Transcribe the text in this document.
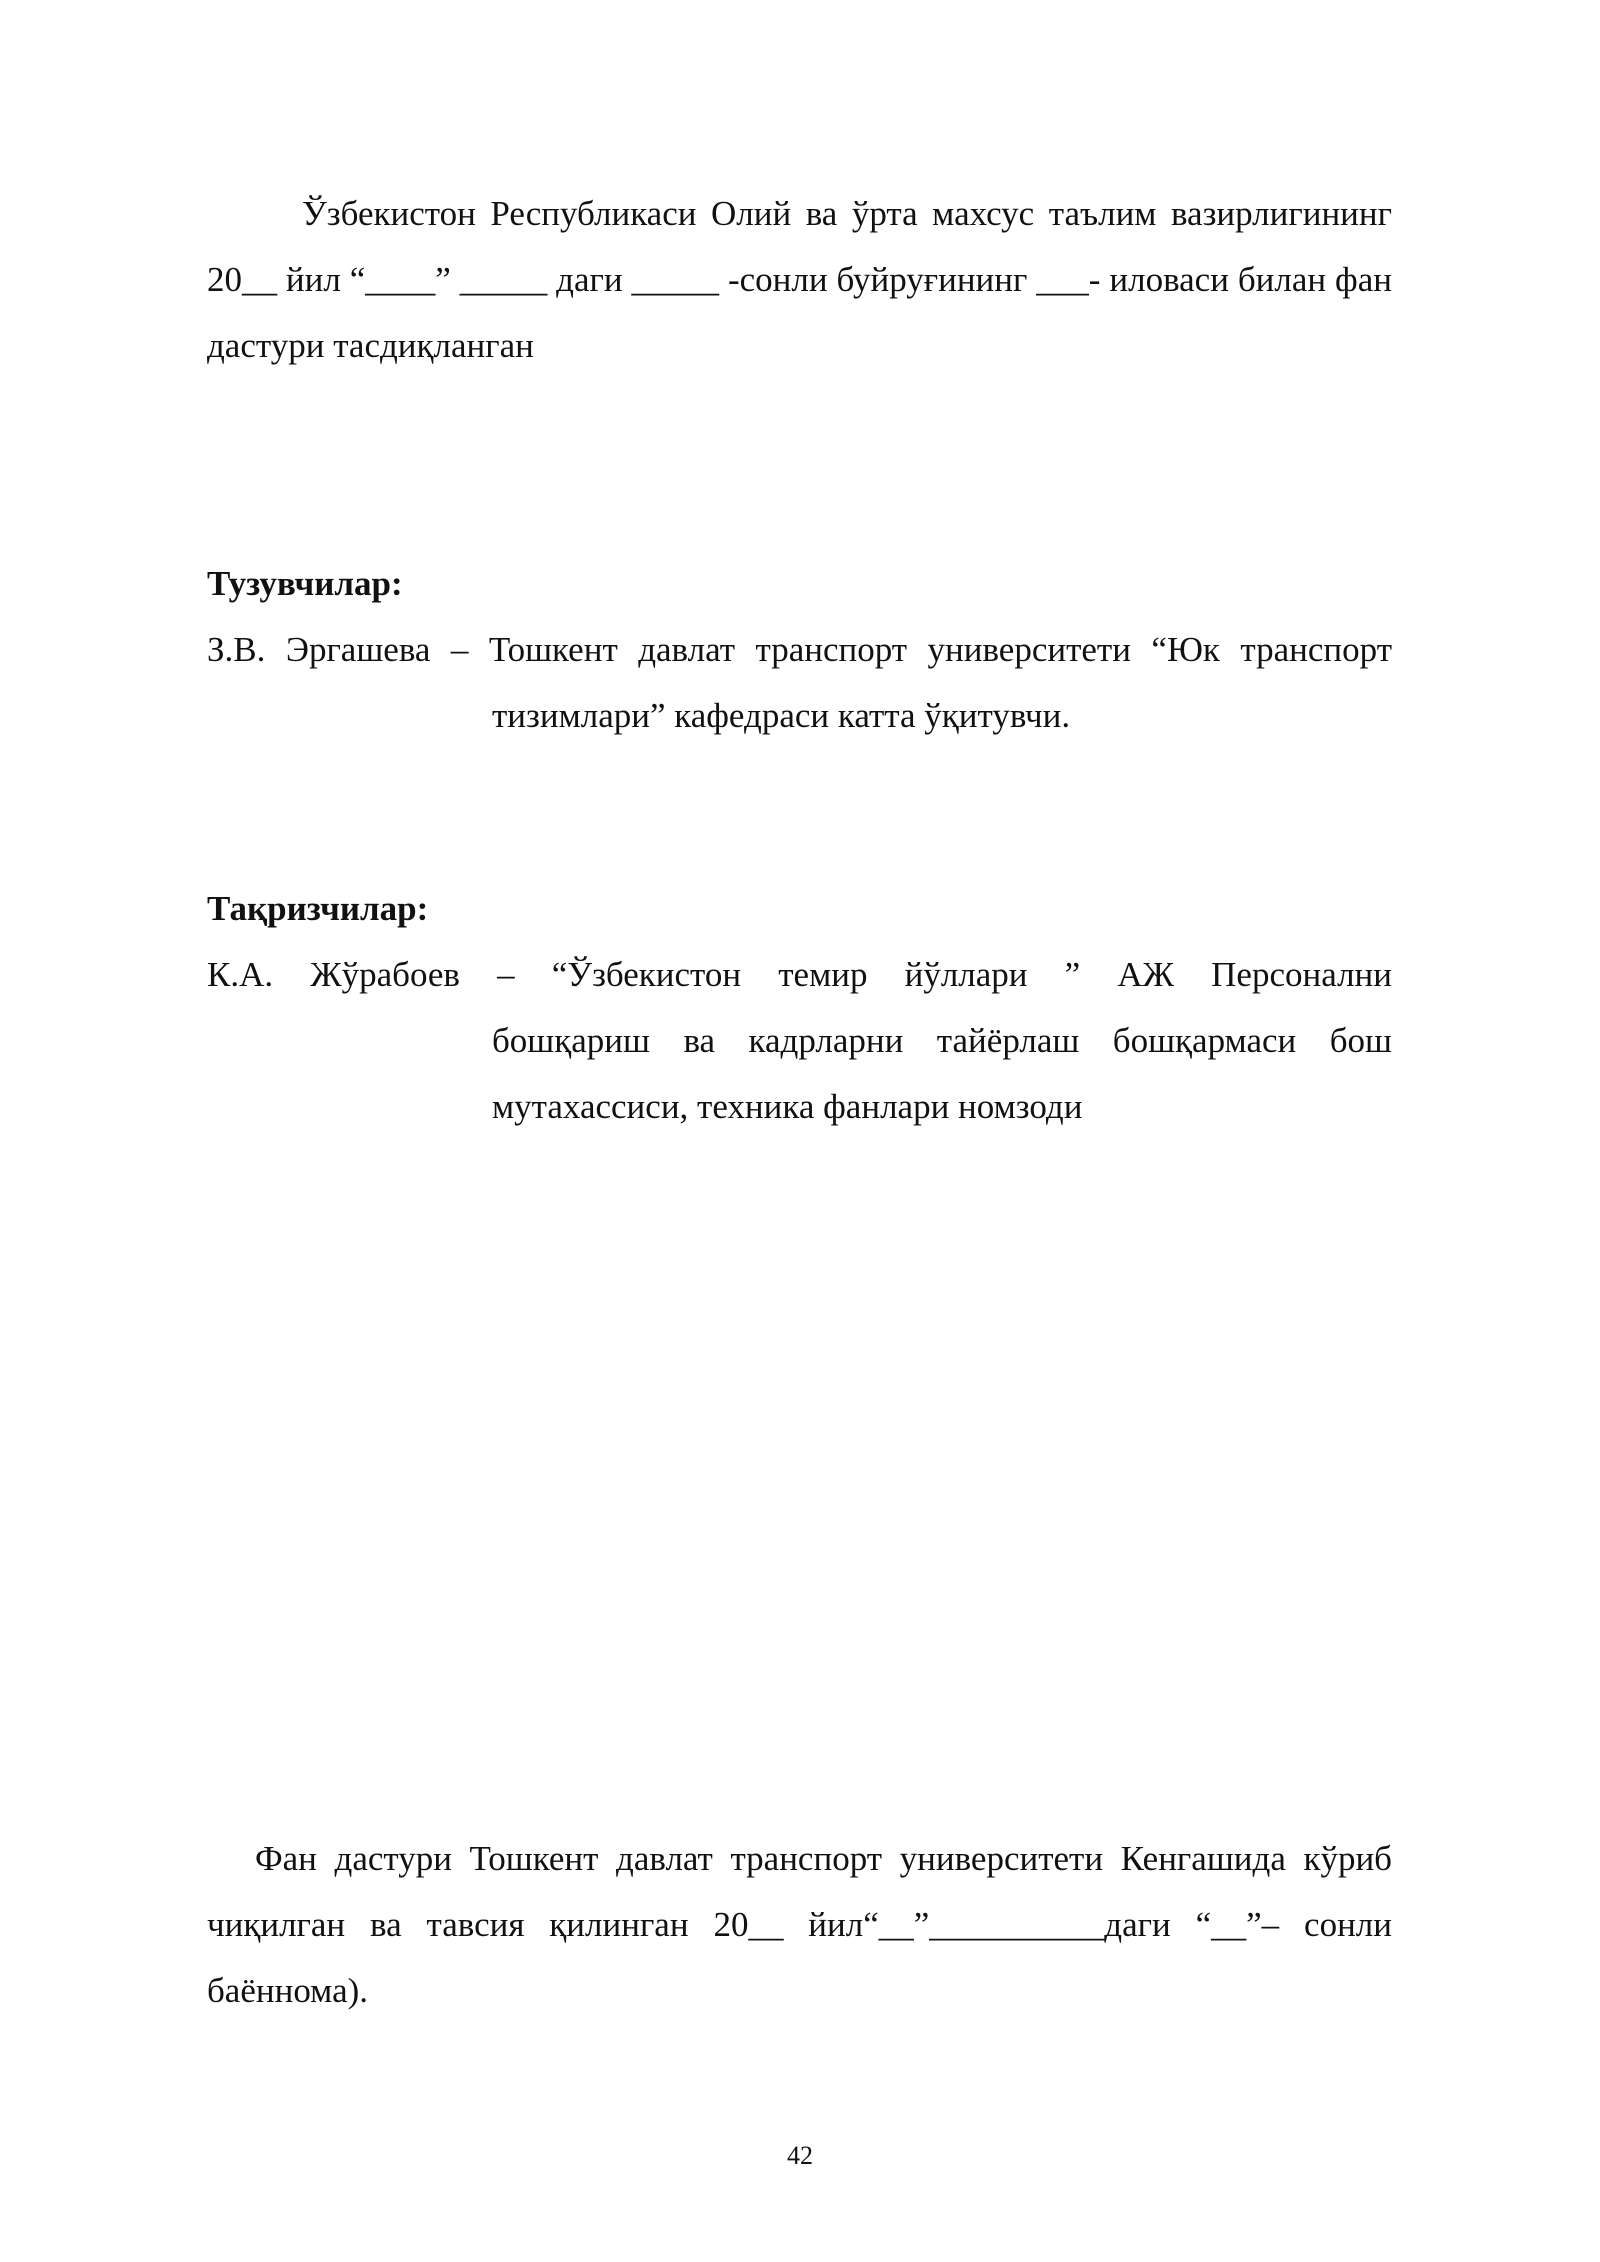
Ўзбекистон Республикаси Олий ва ўрта махсус таълим вазирлигининг 20__ йил “____” _____ даги _____ -сонли буйруғининг ___- иловаси билан фан дастури тасдиқланган

Тузувчилар:
З.В. Эргашева – Тошкент давлат транспорт университети “Юк транспорт
тизимлари” кафедраси катта ўқитувчи.
Тақризчилар:
К.А. Жўрабоев – “Ўзбекистон темир йўллари ” АЖ Персонални
бошқариш ва кадрларни тайёрлаш бошқармаси бош мутахассиси, техника фанлари номзоди

Фан дастури Тошкент давлат транспорт университети Кенгашида кўриб чиқилган ва тавсия қилинган 20__ йил“__”__________даги “__”– сонли баённома).

42
